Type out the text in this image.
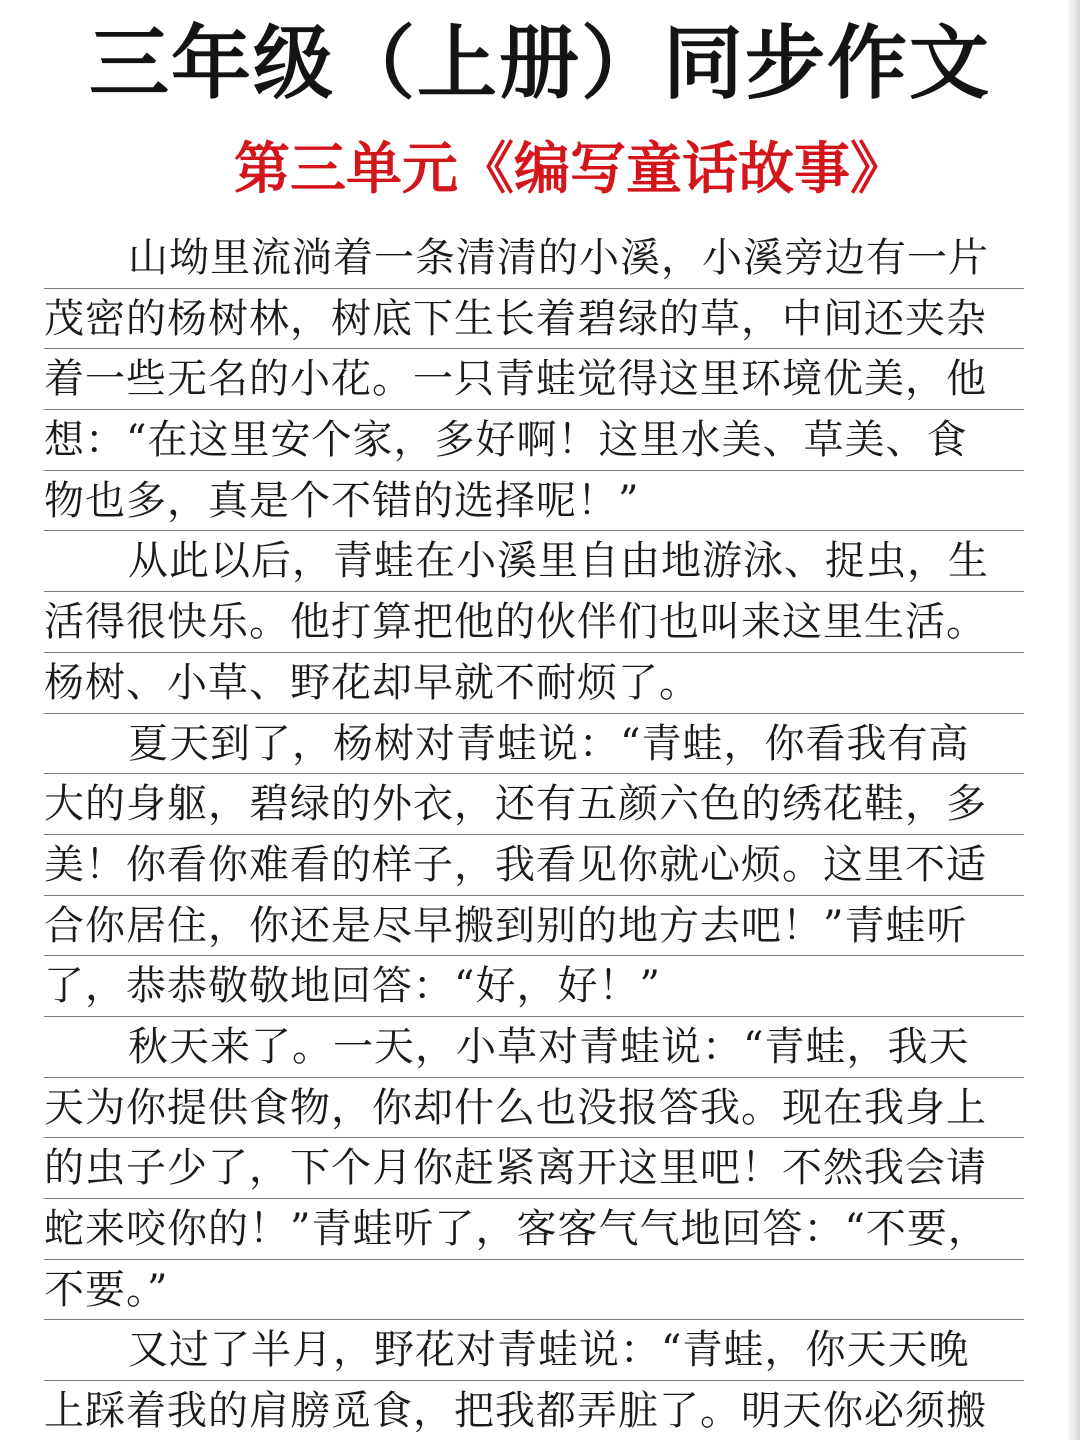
三年级（上册）同步作文
第三单元《编写童话故事》
山坳里流淌着一条清清的小溪，小溪旁边有一片
茂密的杨树林，树底下生长着碧绿的草，中间还夹杂
着一些无名的小花。一只青蛙觉得这里环境优美，他
想：“在这里安个家，多好啊！这里水美、草美、食
物也多，真是个不错的选择呢！”
从此以后，青蛙在小溪里自由地游泳、捉虫，生
活得很快乐。他打算把他的伙伴们也叫来这里生活。
杨树、小草、野花却早就不耐烦了。
夏天到了，杨树对青蛙说：“青蛙，你看我有高
大的身躯，碧绿的外衣，还有五颜六色的绣花鞋，多
美！你看你难看的样子，我看见你就心烦。这里不适
合你居住，你还是尽早搬到别的地方去吧！”青蛙听
了，恭恭敬敬地回答：“好，好！”
秋天来了。一天，小草对青蛙说：“青蛙，我天
天为你提供食物，你却什么也没报答我。现在我身上
的虫子少了，下个月你赶紧离开这里吧！不然我会请
蛇来咬你的！”青蛙听了，客客气气地回答：“不要，
不要。”
又过了半月，野花对青蛙说：“青蛙，你天天晚
上踩着我的肩膀觅食，把我都弄脏了。明天你必须搬
